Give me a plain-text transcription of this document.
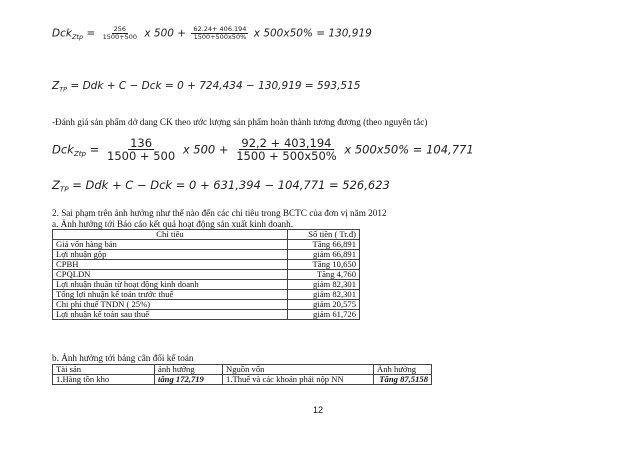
$Dck_{Ztp} = \frac{256}{1500+500}$ x $500 + \frac{62.24+ 406.194}{1500+500x50\%}$ x 500x50% = 130,919
$Z_{TP}$ = Ddk + C − Dck = 0 + 724,434 − 130,919 = 593,515
-Đánh giá sản phẩm dở dang CK theo ước lượng sản phẩm hoàn thành tương đương (theo nguyên tắc)
$Dck_{Ztp} = \frac{136}{1500 + 500}$ x $500 + \frac{92,2 + 403,194}{1500 + 500x50\%}$ x 500x50% = 104,771
$Z_{TP}$ = Ddk + C − Dck = 0 + 631,394 − 104,771 = 526,623
2. Sai phạm trên ảnh hưởng như thế nào đến các chỉ tiêu trong BCTC của đơn vị năm 2012
a. Ảnh hưởng tới Báo cáo kết quả hoạt động sản xuất kinh doanh.
Chỉ tiêu	Số tiền ( Tr.đ)
Giá vốn hàng bán	Tăng 66,891
Lợi nhuận gộp	giảm 66,891
CPBH	Tăng 10,650
CPQLDN	Tăng 4,760
Lợi nhuận thuần từ hoạt động kinh doanh	giảm 82,301
Tổng lợi nhuận kế toán trước thuế	giảm 82,301
Chi phí thuế TNDN ( 25%)	giảm 20,575
Lợi nhuận kế toán sau thuế	giảm 61,726
b. Ảnh hưởng tới bảng cân đối kế toán
Tài sản	ảnh hưởng	Nguồn vốn	Ảnh hưởng
1.Hàng tồn kho	tăng 172,719	1.Thuế và các khoản phải nộp NN	Tăng 87,5158
12
